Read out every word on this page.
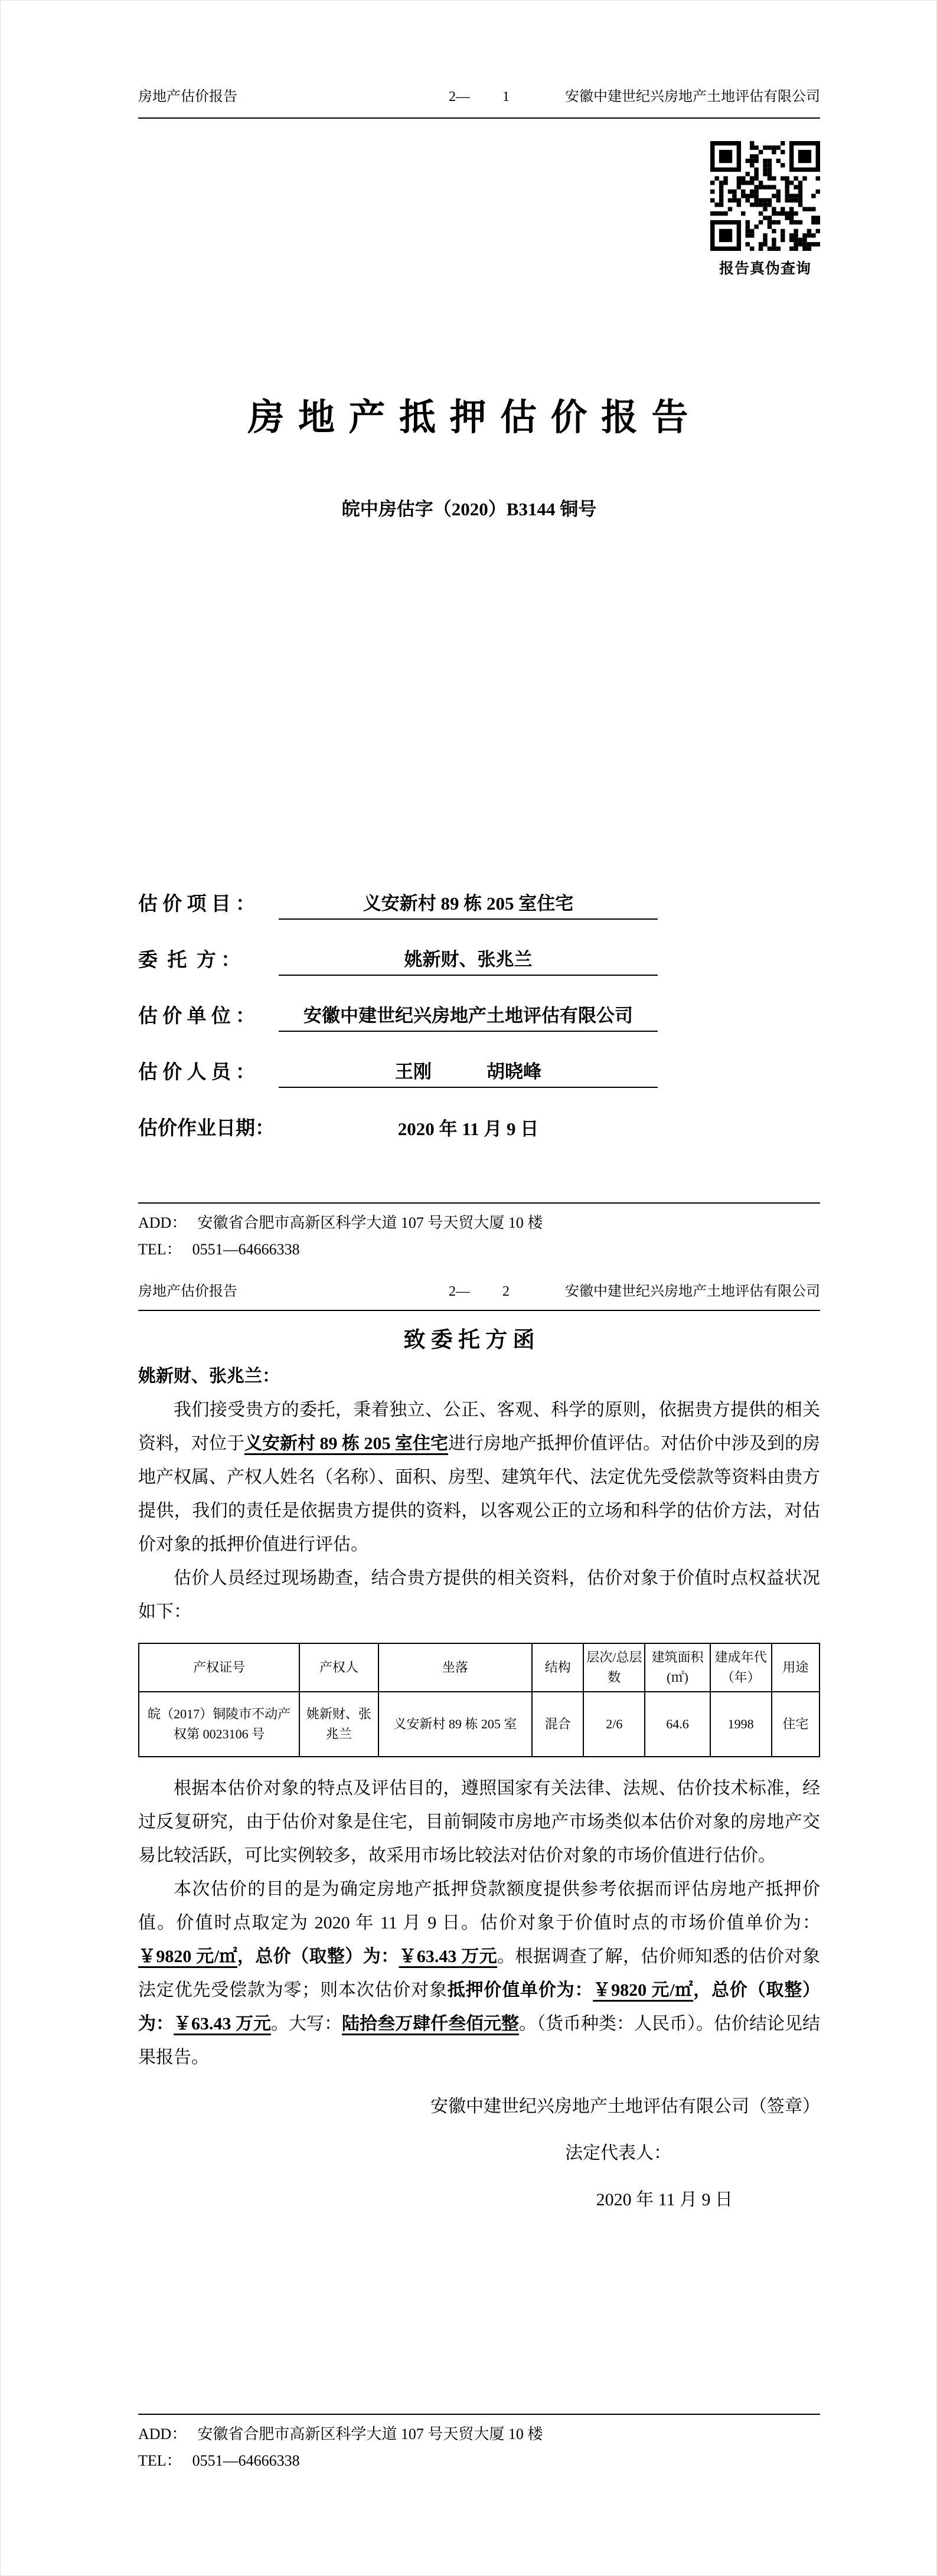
房地产估价报告	2— 1	安徽中建世纪兴房地产土地评估有限公司
报告真伪查询
房 地 产 抵 押 估 价 报 告
皖中房估字（2020）B3144 铜号
估 价 项 目 ：	义安新村 89 栋 205 室住宅
委  托  方 ：	姚新财、张兆兰
估 价 单 位 ：	安徽中建世纪兴房地产土地评估有限公司
估 价 人 员 ：	王刚　　　胡晓峰
估价作业日期：	2020 年 11 月 9 日
ADD： 安徽省合肥市高新区科学大道 107 号天贸大厦 10 楼
TEL： 0551—64666338
房地产估价报告	2— 2	安徽中建世纪兴房地产土地评估有限公司
致 委 托 方 函
姚新财、张兆兰：

我们接受贵方的委托，秉着独立、公正、客观、科学的原则，依据贵方提供的相关资料，对位于义安新村 89 栋 205 室住宅进行房地产抵押价值评估。对估价中涉及到的房地产权属、产权人姓名（名称）、面积、房型、建筑年代、法定优先受偿款等资料由贵方提供，我们的责任是依据贵方提供的资料，以客观公正的立场和科学的估价方法，对估价对象的抵押价值进行评估。

估价人员经过现场勘查，结合贵方提供的相关资料，估价对象于价值时点权益状况如下：

产权证号	产权人	坐落	结构	层次/总层数	建筑面积(㎡)	建成年代（年）	用途
皖（2017）铜陵市不动产权第 0023106 号	姚新财、张兆兰	义安新村 89 栋 205 室	混合	2/6	64.6	1998	住宅

根据本估价对象的特点及评估目的，遵照国家有关法律、法规、估价技术标准，经过反复研究，由于估价对象是住宅，目前铜陵市房地产市场类似本估价对象的房地产交易比较活跃，可比实例较多，故采用市场比较法对估价对象的市场价值进行估价。

本次估价的目的是为确定房地产抵押贷款额度提供参考依据而评估房地产抵押价值。价值时点取定为 2020 年 11 月 9 日。估价对象于价值时点的市场价值单价为：￥9820 元/㎡，总价（取整）为：￥63.43 万元。根据调查了解，估价师知悉的估价对象法定优先受偿款为零；则本次估价对象抵押价值单价为：￥9820 元/㎡，总价（取整）为：￥63.43 万元。大写：陆拾叁万肆仟叁佰元整。（货币种类：人民币）。估价结论见结果报告。

安徽中建世纪兴房地产土地评估有限公司（签章）
法定代表人：
2020 年 11 月 9 日
ADD： 安徽省合肥市高新区科学大道 107 号天贸大厦 10 楼
TEL： 0551—64666338
